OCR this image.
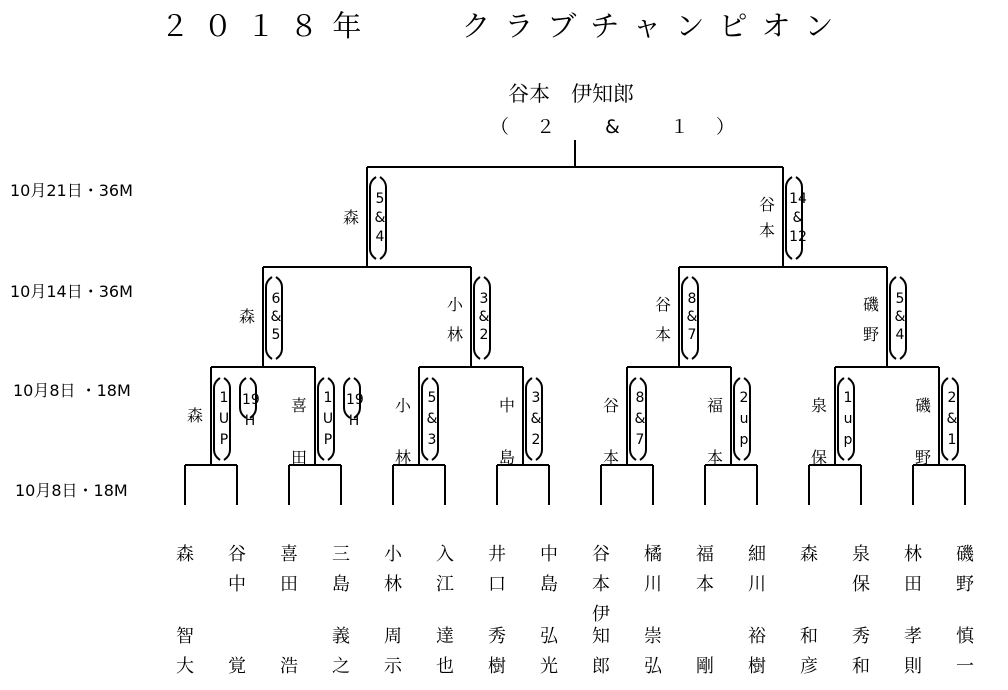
２０１８年　　クラブチャンピオン
谷本　伊知郎
（　２　　&　　１　）
10月21日・36M
10月14日・36M
10月8日 ・18M
10月8日・18M
森
智
大
谷
中
覚
喜
田
浩
三
島
義
之
小
林
周
示
入
江
達
也
井
口
秀
樹
中
島
弘
光
谷
本
伊
知
郎
橘
川
崇
弘
福
本
剛
細
川
裕
樹
森
和
彦
泉
保
秀
和
林
田
孝
則
磯
野
慎
一
森
1
U
P
19
H
喜
田
1
U
P
19
H
小
林
5
&
3
中
島
3
&
2
谷
本
8
&
7
福
本
2
u
p
泉
保
1
u
p
磯
野
2
&
1
森
6
&
5
小
林
3
&
2
谷
本
8
&
7
磯
野
5
&
4
森
5
&
4
谷
本
14
&
12
